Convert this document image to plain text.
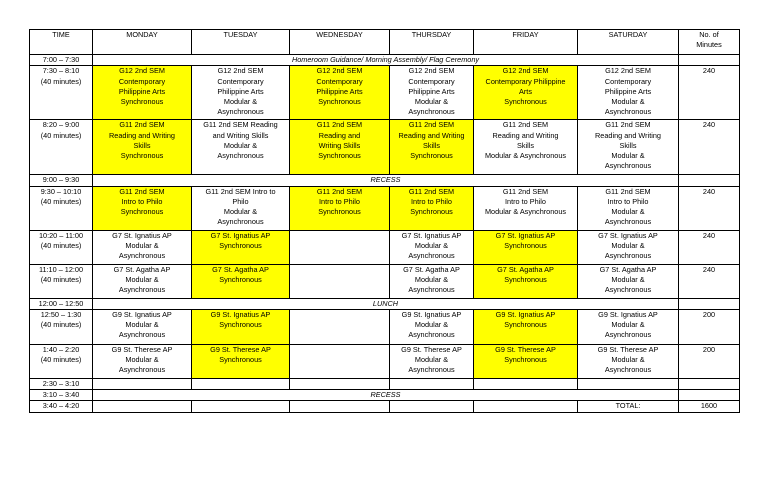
TIME	MONDAY	TUESDAY	WEDNESDAY	THURSDAY	FRIDAY	SATURDAY	No. of
Minutes

7:00 – 7:30	Homeroom Guidance/ Morning Assembly/ Flag Ceremony						

7:30 – 8:10
(40 minutes)	G12 2nd SEM
Contemporary
Philippine Arts
Synchronous	G12 2nd SEM
Contemporary
Philippine Arts
Modular &
Asynchronous	G12 2nd SEM
Contemporary
Philippine Arts
Synchronous	G12 2nd SEM
Contemporary
Philippine Arts
Modular &
Asynchronous	G12 2nd SEM
Contemporary Philippine
Arts
Synchronous	G12 2nd SEM
Contemporary
Philippine Arts
Modular &
Asynchronous	240

8:20 – 9:00
(40 minutes)	G11 2nd SEM
Reading and Writing
Skills
Synchronous	G11 2nd SEM Reading
and Writing Skills
Modular &
Asynchronous	G11 2nd SEM
Reading and
Writing Skills
Synchronous	G11 2nd SEM
Reading and Writing
Skills
Synchronous	G11 2nd SEM
Reading and Writing
Skills
Modular & Asynchronous	G11 2nd SEM
Reading and Writing
Skills
Modular &
Asynchronous	240
9:00 – 9:30	RECESS						

9:30 – 10:10
(40 minutes)	G11 2nd SEM
Intro to Philo
Synchronous	G11 2nd SEM Intro to
Philo
Modular &
Asynchronous	G11 2nd SEM
Intro to Philo
Synchronous	G11 2nd SEM
Intro to Philo
Synchronous	G11 2nd SEM
Intro to Philo
Modular & Asynchronous	G11 2nd SEM
Intro to Philo
Modular &
Asynchronous	240

10:20 – 11:00
(40 minutes)	G7 St. Ignatius AP
Modular &
Asynchronous	G7 St. Ignatius AP
Synchronous		G7 St. Ignatius AP
Modular &
Asynchronous	G7 St. Ignatius AP
Synchronous	G7 St. Ignatius AP
Modular &
Asynchronous	240

11:10 – 12:00
(40 minutes)	G7 St. Agatha AP
Modular &
Asynchronous	G7 St. Agatha AP
Synchronous		G7 St. Agatha AP
Modular &
Asynchronous	G7 St. Agatha AP
Synchronous	G7 St. Agatha AP
Modular &
Asynchronous	240
12:00 – 12:50	LUNCH						

12:50 – 1:30
(40 minutes)	G9 St. Ignatius AP
Modular &
Asynchronous	G9 St. Ignatius AP
Synchronous		G9 St. Ignatius AP
Modular &
Asynchronous	G9 St. Ignatius AP
Synchronous	G9 St. Ignatius AP
Modular &
Asynchronous	200

1:40 – 2:20
(40 minutes)	G9 St. Therese AP
Modular &
Asynchronous	G9 St. Therese AP
Synchronous		G9 St. Therese AP
Modular &
Asynchronous	G9 St. Therese AP
Synchronous	G9 St. Therese AP
Modular &
Asynchronous	200
2:30 – 3:10							
3:10 – 3:40	RECESS						
3:40 – 4:20						TOTAL:	1600
